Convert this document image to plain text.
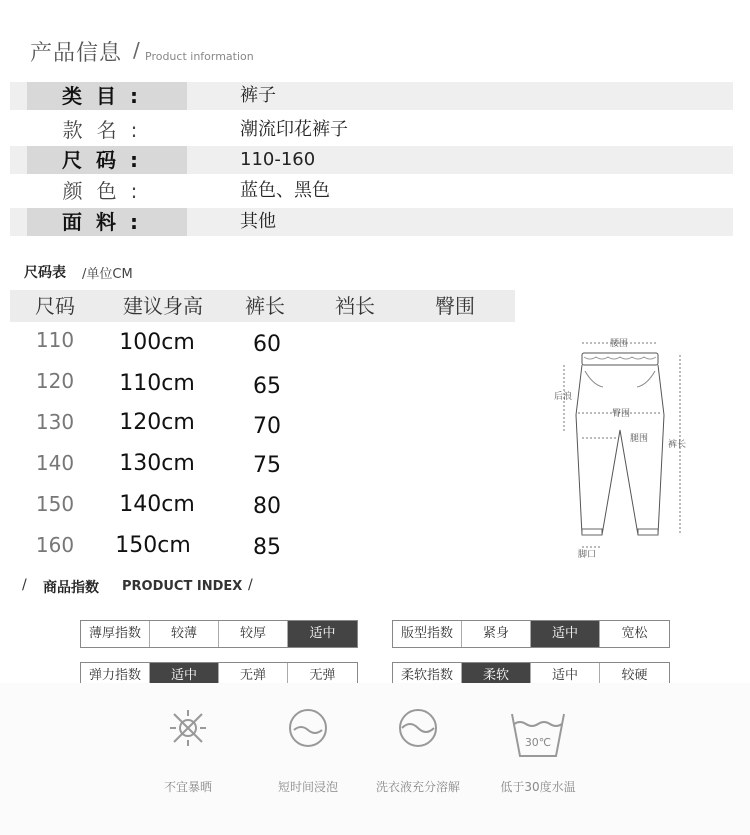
产品信息 / Product information
类目:	裤子
款名:	潮流印花裤子
尺码:	110-160
颜色:	蓝色、黑色
面料:	其他
尺码表 /单位CM
尺码	建议身高	裤长	裆长	臀围
110	100cm	60
120	110cm	65
130	120cm	70
140	130cm	75
150	140cm	80
160	150cm	85
腰围
后浪
臀围
腿围
裤长
脚口
/ 商品指数 PRODUCT INDEX /
薄厚指数	较薄	较厚	适中	版型指数	紧身	适中	宽松
弹力指数	适中	无弹	无弹	柔软指数	柔软	适中	较硬
不宜暴晒	短时间浸泡	洗衣液充分溶解
30℃
低于30度水温
